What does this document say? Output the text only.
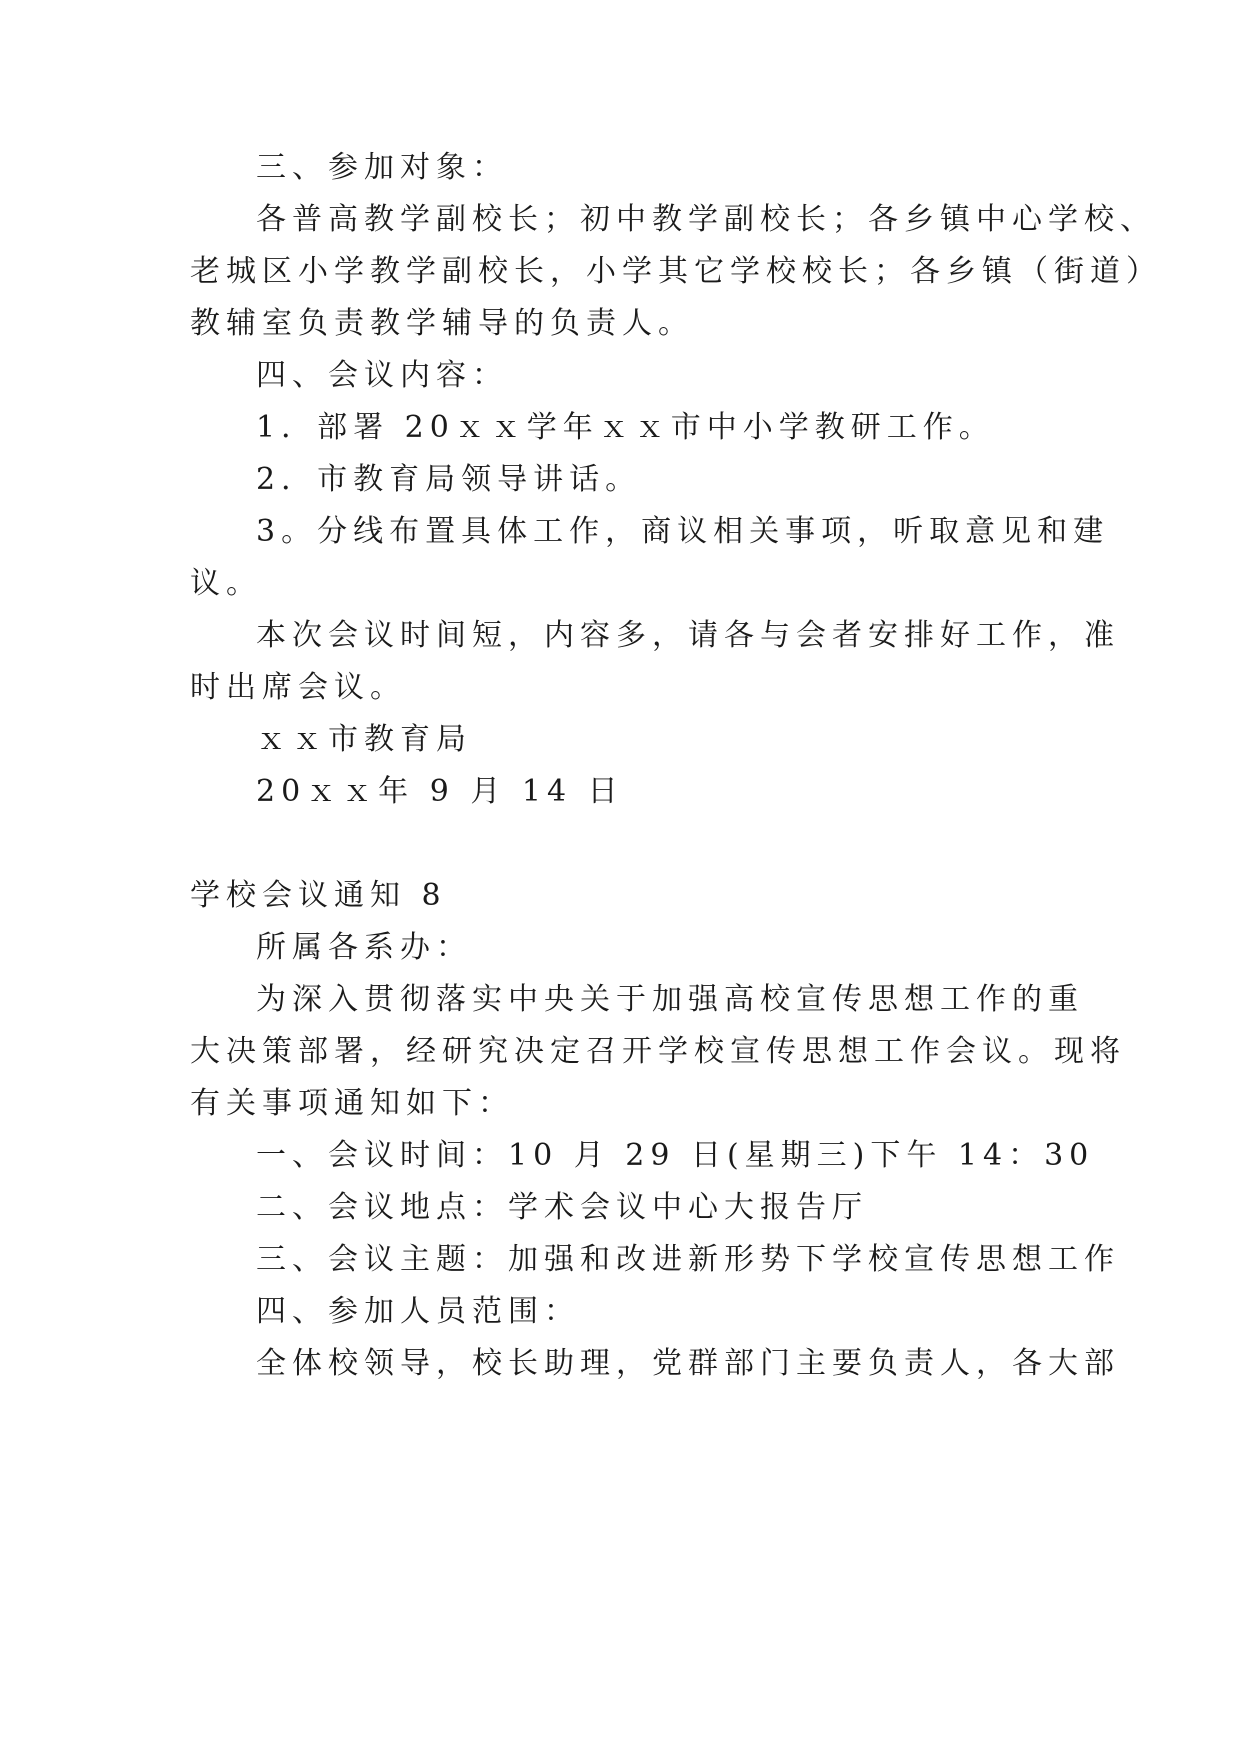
三、参加对象：
各普高教学副校长；初中教学副校长；各乡镇中心学校、
老城区小学教学副校长，小学其它学校校长；各乡镇（街道）
教辅室负责教学辅导的负责人。
四、会议内容：
1．部署 20ｘｘ学年ｘｘ市中小学教研工作。
2．市教育局领导讲话。
3。分线布置具体工作，商议相关事项，听取意见和建
议。
本次会议时间短，内容多，请各与会者安排好工作，准
时出席会议。
ｘｘ市教育局
20ｘｘ年 9 月 14 日
学校会议通知 8
所属各系办：
为深入贯彻落实中央关于加强高校宣传思想工作的重
大决策部署，经研究决定召开学校宣传思想工作会议。现将
有关事项通知如下：
一、会议时间：10 月 29 日(星期三)下午 14：30
二、会议地点：学术会议中心大报告厅
三、会议主题：加强和改进新形势下学校宣传思想工作
四、参加人员范围：
全体校领导，校长助理，党群部门主要负责人，各大部
